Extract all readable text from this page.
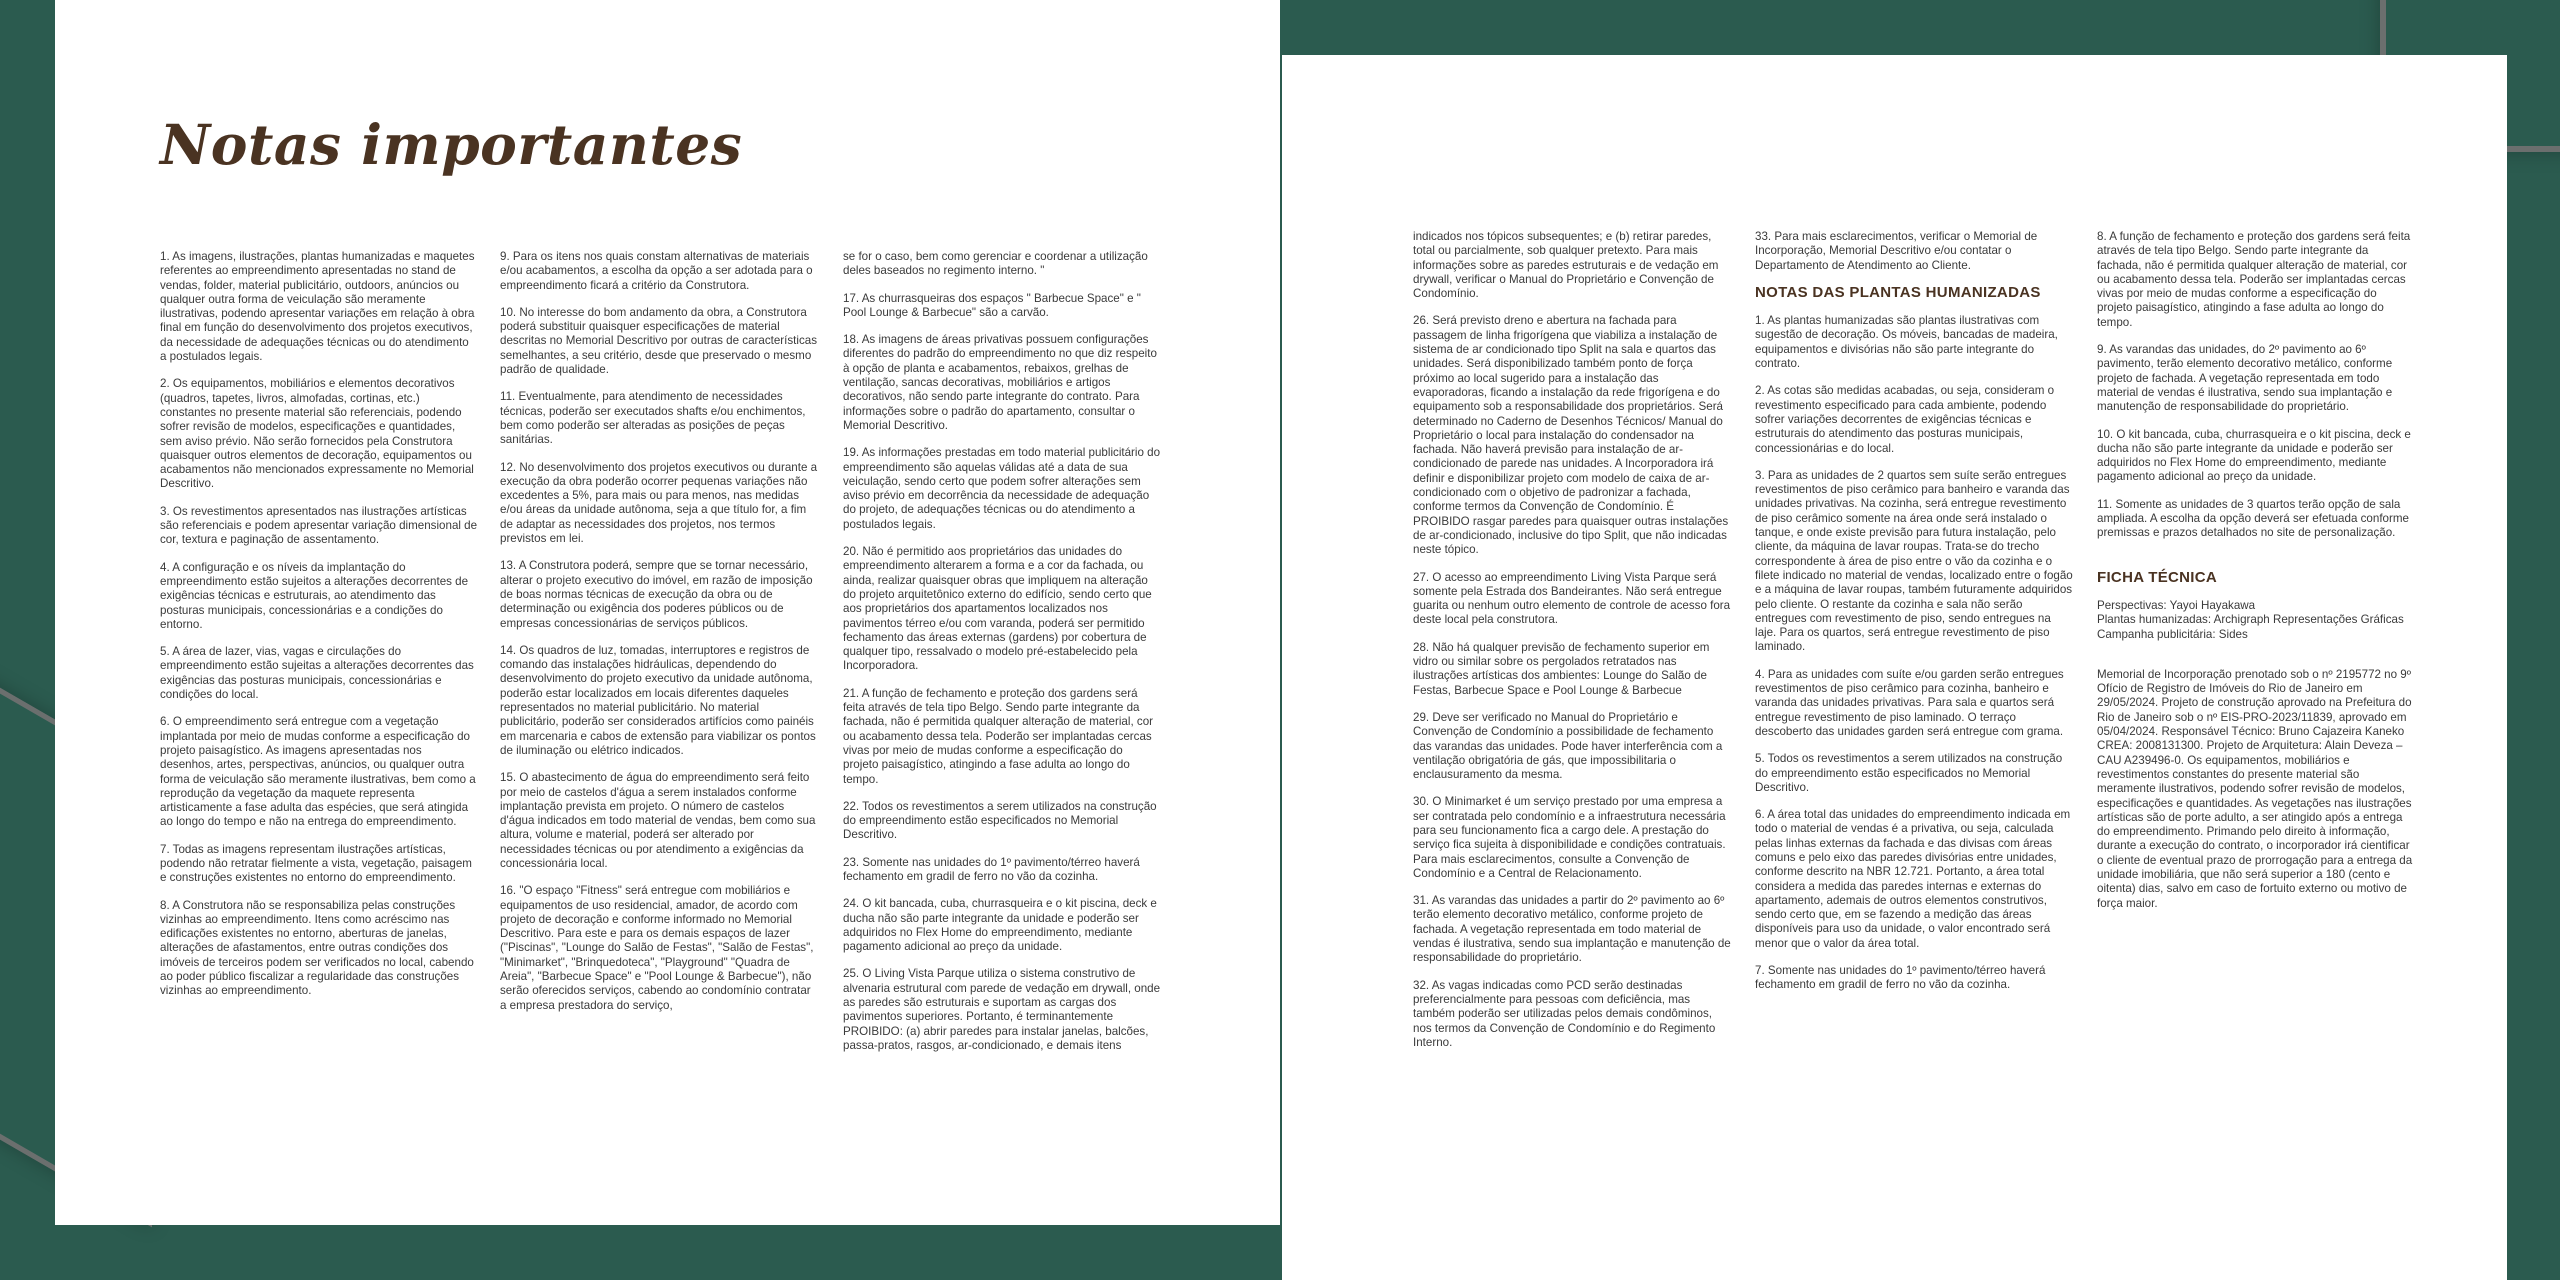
Notas importantes

1. As imagens, ilustrações, plantas humanizadas e maquetes referentes ao empreendimento apresentadas no stand de vendas, folder, material publicitário, outdoors, anúncios ou qualquer outra forma de veiculação são meramente ilustrativas, podendo apresentar variações em relação à obra final em função do desenvolvimento dos projetos executivos, da necessidade de adequações técnicas ou do atendimento a postulados legais.

2. Os equipamentos, mobiliários e elementos decorativos (quadros, tapetes, livros, almofadas, cortinas, etc.) constantes no presente material são referenciais, podendo sofrer revisão de modelos, especificações e quantidades, sem aviso prévio. Não serão fornecidos pela Construtora quaisquer outros elementos de decoração, equipamentos ou acabamentos não mencionados expressamente no Memorial Descritivo.

3. Os revestimentos apresentados nas ilustrações artísticas são referenciais e podem apresentar variação dimensional de cor, textura e paginação de assentamento.

4. A configuração e os níveis da implantação do empreendimento estão sujeitos a alterações decorrentes de exigências técnicas e estruturais, ao atendimento das posturas municipais, concessionárias e a condições do entorno.

5. A área de lazer, vias, vagas e circulações do empreendimento estão sujeitas a alterações decorrentes das exigências das posturas municipais, concessionárias e condições do local.

6. O empreendimento será entregue com a vegetação implantada por meio de mudas conforme a especificação do projeto paisagístico. As imagens apresentadas nos desenhos, artes, perspectivas, anúncios, ou qualquer outra forma de veiculação são meramente ilustrativas, bem como a reprodução da vegetação da maquete representa artisticamente a fase adulta das espécies, que será atingida ao longo do tempo e não na entrega do empreendimento.

7. Todas as imagens representam ilustrações artísticas, podendo não retratar fielmente a vista, vegetação, paisagem e construções existentes no entorno do empreendimento.

8. A Construtora não se responsabiliza pelas construções vizinhas ao empreendimento. Itens como acréscimo nas edificações existentes no entorno, aberturas de janelas, alterações de afastamentos, entre outras condições dos imóveis de terceiros podem ser verificados no local, cabendo ao poder público fiscalizar a regularidade das construções vizinhas ao empreendimento.

9. Para os itens nos quais constam alternativas de materiais e/ou acabamentos, a escolha da opção a ser adotada para o empreendimento ficará a critério da Construtora.

10. No interesse do bom andamento da obra, a Construtora poderá substituir quaisquer especificações de material descritas no Memorial Descritivo por outras de características semelhantes, a seu critério, desde que preservado o mesmo padrão de qualidade.

11. Eventualmente, para atendimento de necessidades técnicas, poderão ser executados shafts e/ou enchimentos, bem como poderão ser alteradas as posições de peças sanitárias.

12. No desenvolvimento dos projetos executivos ou durante a execução da obra poderão ocorrer pequenas variações não excedentes a 5%, para mais ou para menos, nas medidas e/ou áreas da unidade autônoma, seja a que título for, a fim de adaptar as necessidades dos projetos, nos termos previstos em lei.

13. A Construtora poderá, sempre que se tornar necessário, alterar o projeto executivo do imóvel, em razão de imposição de boas normas técnicas de execução da obra ou de determinação ou exigência dos poderes públicos ou de empresas concessionárias de serviços públicos.

14. Os quadros de luz, tomadas, interruptores e registros de comando das instalações hidráulicas, dependendo do desenvolvimento do projeto executivo da unidade autônoma, poderão estar localizados em locais diferentes daqueles representados no material publicitário. No material publicitário, poderão ser considerados artifícios como painéis em marcenaria e cabos de extensão para viabilizar os pontos de iluminação ou elétrico indicados.

15. O abastecimento de água do empreendimento será feito por meio de castelos d'água a serem instalados conforme implantação prevista em projeto. O número de castelos d'água indicados em todo material de vendas, bem como sua altura, volume e material, poderá ser alterado por necessidades técnicas ou por atendimento a exigências da concessionária local.

16. "O espaço "Fitness" será entregue com mobiliários e equipamentos de uso residencial, amador, de acordo com projeto de decoração e conforme informado no Memorial Descritivo. Para este e para os demais espaços de lazer ("Piscinas", "Lounge do Salão de Festas", "Salão de Festas", "Minimarket", "Brinquedoteca", "Playground" "Quadra de Areia", "Barbecue Space" e "Pool Lounge & Barbecue"), não serão oferecidos serviços, cabendo ao condomínio contratar a empresa prestadora do serviço,

se for o caso, bem como gerenciar e coordenar a utilização deles baseados no regimento interno. "

17. As churrasqueiras dos espaços " Barbecue Space" e " Pool Lounge & Barbecue" são a carvão.

18. As imagens de áreas privativas possuem configurações diferentes do padrão do empreendimento no que diz respeito à opção de planta e acabamentos, rebaixos, grelhas de ventilação, sancas decorativas, mobiliários e artigos decorativos, não sendo parte integrante do contrato. Para informações sobre o padrão do apartamento, consultar o Memorial Descritivo.

19. As informações prestadas em todo material publicitário do empreendimento são aquelas válidas até a data de sua veiculação, sendo certo que podem sofrer alterações sem aviso prévio em decorrência da necessidade de adequação do projeto, de adequações técnicas ou do atendimento a postulados legais.

20. Não é permitido aos proprietários das unidades do empreendimento alterarem a forma e a cor da fachada, ou ainda, realizar quaisquer obras que impliquem na alteração do projeto arquitetônico externo do edifício, sendo certo que aos proprietários dos apartamentos localizados nos pavimentos térreo e/ou com varanda, poderá ser permitido fechamento das áreas externas (gardens) por cobertura de qualquer tipo, ressalvado o modelo pré-estabelecido pela Incorporadora.

21. A função de fechamento e proteção dos gardens será feita através de tela tipo Belgo. Sendo parte integrante da fachada, não é permitida qualquer alteração de material, cor ou acabamento dessa tela. Poderão ser implantadas cercas vivas por meio de mudas conforme a especificação do projeto paisagístico, atingindo a fase adulta ao longo do tempo.

22. Todos os revestimentos a serem utilizados na construção do empreendimento estão especificados no Memorial Descritivo.

23. Somente nas unidades do 1º pavimento/térreo haverá fechamento em gradil de ferro no vão da cozinha.

24. O kit bancada, cuba, churrasqueira e o kit piscina, deck e ducha não são parte integrante da unidade e poderão ser adquiridos no Flex Home do empreendimento, mediante pagamento adicional ao preço da unidade.

25. O Living Vista Parque utiliza o sistema construtivo de alvenaria estrutural com parede de vedação em drywall, onde as paredes são estruturais e suportam as cargas dos pavimentos superiores. Portanto, é terminantemente PROIBIDO: (a) abrir paredes para instalar janelas, balcões, passa-pratos, rasgos, ar-condicionado, e demais itens

indicados nos tópicos subsequentes; e (b) retirar paredes, total ou parcialmente, sob qualquer pretexto. Para mais informações sobre as paredes estruturais e de vedação em drywall, verificar o Manual do Proprietário e Convenção de Condomínio.

26. Será previsto dreno e abertura na fachada para passagem de linha frigorígena que viabiliza a instalação de sistema de ar condicionado tipo Split na sala e quartos das unidades. Será disponibilizado também ponto de força próximo ao local sugerido para a instalação das evaporadoras, ficando a instalação da rede frigorígena e do equipamento sob a responsabilidade dos proprietários. Será determinado no Caderno de Desenhos Técnicos/ Manual do Proprietário o local para instalação do condensador na fachada. Não haverá previsão para instalação de ar-condicionado de parede nas unidades. A Incorporadora irá definir e disponibilizar projeto com modelo de caixa de ar-condicionado com o objetivo de padronizar a fachada, conforme termos da Convenção de Condomínio. É PROIBIDO rasgar paredes para quaisquer outras instalações de ar-condicionado, inclusive do tipo Split, que não indicadas neste tópico.

27. O acesso ao empreendimento Living Vista Parque será somente pela Estrada dos Bandeirantes. Não será entregue guarita ou nenhum outro elemento de controle de acesso fora deste local pela construtora.

28. Não há qualquer previsão de fechamento superior em vidro ou similar sobre os pergolados retratados nas ilustrações artísticas dos ambientes: Lounge do Salão de Festas, Barbecue Space e Pool Lounge & Barbecue

29. Deve ser verificado no Manual do Proprietário e Convenção de Condomínio a possibilidade de fechamento das varandas das unidades. Pode haver interferência com a ventilação obrigatória de gás, que impossibilitaria o enclausuramento da mesma.

30. O Minimarket é um serviço prestado por uma empresa a ser contratada pelo condomínio e a infraestrutura necessária para seu funcionamento fica a cargo dele. A prestação do serviço fica sujeita à disponibilidade e condições contratuais. Para mais esclarecimentos, consulte a Convenção de Condomínio e a Central de Relacionamento.

31. As varandas das unidades a partir do 2º pavimento ao 6º terão elemento decorativo metálico, conforme projeto de fachada. A vegetação representada em todo material de vendas é ilustrativa, sendo sua implantação e manutenção de responsabilidade do proprietário.

32. As vagas indicadas como PCD serão destinadas preferencialmente para pessoas com deficiência, mas também poderão ser utilizadas pelos demais condôminos, nos termos da Convenção de Condomínio e do Regimento Interno.

33. Para mais esclarecimentos, verificar o Memorial de Incorporação, Memorial Descritivo e/ou contatar o Departamento de Atendimento ao Cliente.

NOTAS DAS PLANTAS HUMANIZADAS

1. As plantas humanizadas são plantas ilustrativas com sugestão de decoração. Os móveis, bancadas de madeira, equipamentos e divisórias não são parte integrante do contrato.

2. As cotas são medidas acabadas, ou seja, consideram o revestimento especificado para cada ambiente, podendo sofrer variações decorrentes de exigências técnicas e estruturais do atendimento das posturas municipais, concessionárias e do local.

3. Para as unidades de 2 quartos sem suíte serão entregues revestimentos de piso cerâmico para banheiro e varanda das unidades privativas. Na cozinha, será entregue revestimento de piso cerâmico somente na área onde será instalado o tanque, e onde existe previsão para futura instalação, pelo cliente, da máquina de lavar roupas. Trata-se do trecho correspondente à área de piso entre o vão da cozinha e o filete indicado no material de vendas, localizado entre o fogão e a máquina de lavar roupas, também futuramente adquiridos pelo cliente. O restante da cozinha e sala não serão entregues com revestimento de piso, sendo entregues na laje. Para os quartos, será entregue revestimento de piso laminado.

4. Para as unidades com suíte e/ou garden serão entregues revestimentos de piso cerâmico para cozinha, banheiro e varanda das unidades privativas. Para sala e quartos será entregue revestimento de piso laminado. O terraço descoberto das unidades garden será entregue com grama.

5. Todos os revestimentos a serem utilizados na construção do empreendimento estão especificados no Memorial Descritivo.

6. A área total das unidades do empreendimento indicada em todo o material de vendas é a privativa, ou seja, calculada pelas linhas externas da fachada e das divisas com áreas comuns e pelo eixo das paredes divisórias entre unidades, conforme descrito na NBR 12.721. Portanto, a área total considera a medida das paredes internas e externas do apartamento, ademais de outros elementos construtivos, sendo certo que, em se fazendo a medição das áreas disponíveis para uso da unidade, o valor encontrado será menor que o valor da área total.

7. Somente nas unidades do 1º pavimento/térreo haverá fechamento em gradil de ferro no vão da cozinha.

8. A função de fechamento e proteção dos gardens será feita através de tela tipo Belgo. Sendo parte integrante da fachada, não é permitida qualquer alteração de material, cor ou acabamento dessa tela. Poderão ser implantadas cercas vivas por meio de mudas conforme a especificação do projeto paisagístico, atingindo a fase adulta ao longo do tempo.

9. As varandas das unidades, do 2º pavimento ao 6º pavimento, terão elemento decorativo metálico, conforme projeto de fachada. A vegetação representada em todo material de vendas é ilustrativa, sendo sua implantação e manutenção de responsabilidade do proprietário.

10. O kit bancada, cuba, churrasqueira e o kit piscina, deck e ducha não são parte integrante da unidade e poderão ser adquiridos no Flex Home do empreendimento, mediante pagamento adicional ao preço da unidade.

11. Somente as unidades de 3 quartos terão opção de sala ampliada. A escolha da opção deverá ser efetuada conforme premissas e prazos detalhados no site de personalização.

FICHA TÉCNICA

Perspectivas: Yayoi Hayakawa

Plantas humanizadas: Archigraph Representações Gráficas

Campanha publicitária: Sides

Memorial de Incorporação prenotado sob o nº 2195772 no 9º Ofício de Registro de Imóveis do Rio de Janeiro em 29/05/2024. Projeto de construção aprovado na Prefeitura do Rio de Janeiro sob o nº EIS-PRO-2023/11839, aprovado em 05/04/2024. Responsável Técnico: Bruno Cajazeira Kaneko CREA: 2008131300. Projeto de Arquitetura: Alain Deveza – CAU A239496-0. Os equipamentos, mobiliários e revestimentos constantes do presente material são meramente ilustrativos, podendo sofrer revisão de modelos, especificações e quantidades. As vegetações nas ilustrações artísticas são de porte adulto, a ser atingido após a entrega do empreendimento. Primando pelo direito à informação, durante a execução do contrato, o incorporador irá cientificar o cliente de eventual prazo de prorrogação para a entrega da unidade imobiliária, que não será superior a 180 (cento e oitenta) dias, salvo em caso de fortuito externo ou motivo de força maior.
